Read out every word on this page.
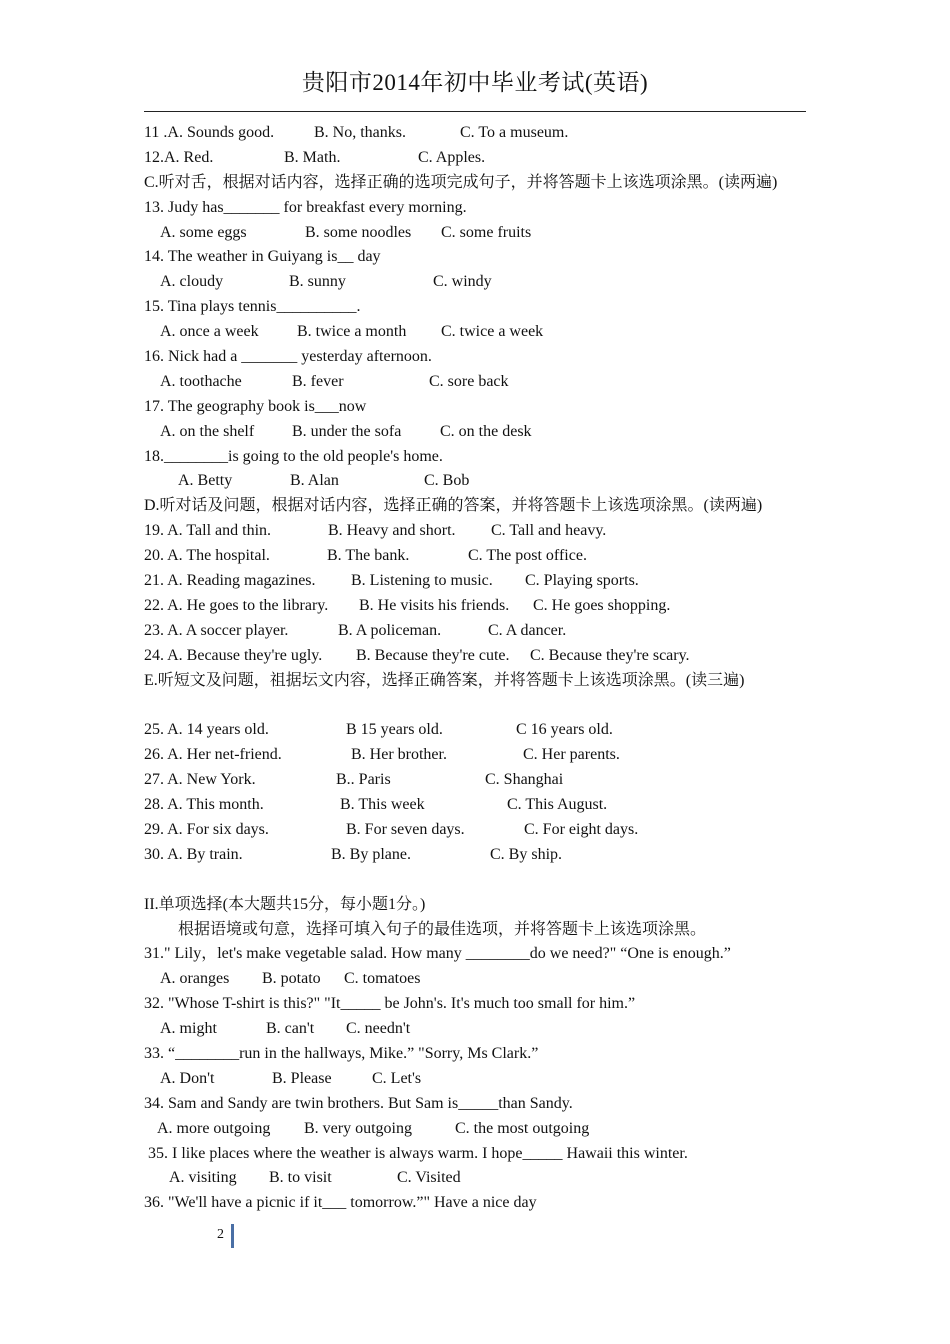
贵阳市2014年初中毕业考试(英语)
11 .A. Sounds good. B. No, thanks.	C. To a museum.
12.A. Red.	B. Math.	C. Apples.
C.听对舌，根据对话内容，选择正确的选项完成句子，并将答题卡上该选项涂黑。(读两遍)
13. Judy has_______ for breakfast every morning.
A. some eggs	B. some noodles C. some fruits
14. The weather in Guiyang is__ day
A. cloudy	B. sunny	C. windy
15. Tina plays tennis__________.
A. once a week B. twice a month C. twice a week
16. Nick had a _______ yesterday afternoon.
A. toothache	B. fever	C. sore back
17. The geography book is___now
A. on the shelf B. under the sofa C. on the desk
18.________is going to the old people's home.
A. Betty	B. Alan	C. Bob
D.听对话及问题，根据对话内容，选择正确的答案，并将答题卡上该选项涂黑。(读两遍)
19. A. Tall and thin.	B. Heavy and short. C. Tall and heavy.
20. A. The hospital.	B. The bank.	C. The post office.
21. A. Reading magazines. B. Listening to music. C. Playing sports.
22. A. He goes to the library. B. He visits his friends. C. He goes shopping.
23. A. A soccer player.	B. A policeman.	C. A dancer.
24. A. Because they're ugly. B. Because they're cute. C. Because they're scary.
E.听短文及问题，祖据坛文内容，选择正确答案，并将答题卡上该选项涂黑。(读三遍)
25. A. 14 years old.	B 15 years old.	C 16 years old.
26. A. Her net-friend.	B. Her brother.	C. Her parents.
27. A. New York.	B.. Paris	C. Shanghai
28. A. This month.	B. This week	C. This August.
29. A. For six days.	B. For seven days.	C. For eight days.
30. A. By train.	B. By plane.	C. By ship.
II.单项选择(本大题共15分，每小题1分。)
根据语境或句意，选择可填入句子的最佳选项，并将答题卡上该选项涂黑。
31." Lily，let's make vegetable salad. How many ________do we need?" “One is enough.”
A. oranges B. potato C. tomatoes
32. "Whose T-shirt is this?" "It_____ be John's. It's much too small for him.”
A. might	B. can't C. needn't
33. “________run in the hallways, Mike.” "Sorry, Ms Clark.”
A. Don't	B. Please	C. Let's
34. Sam and Sandy are twin brothers. But Sam is_____than Sandy.
A. more outgoing B. very outgoing	C. the most outgoing
35. I like places where the weather is always warm. I hope_____ Hawaii this winter.
A. visiting B. to visit	C. Visited
36. "We'll have a picnic if it___ tomorrow.”" Have a nice day
2
